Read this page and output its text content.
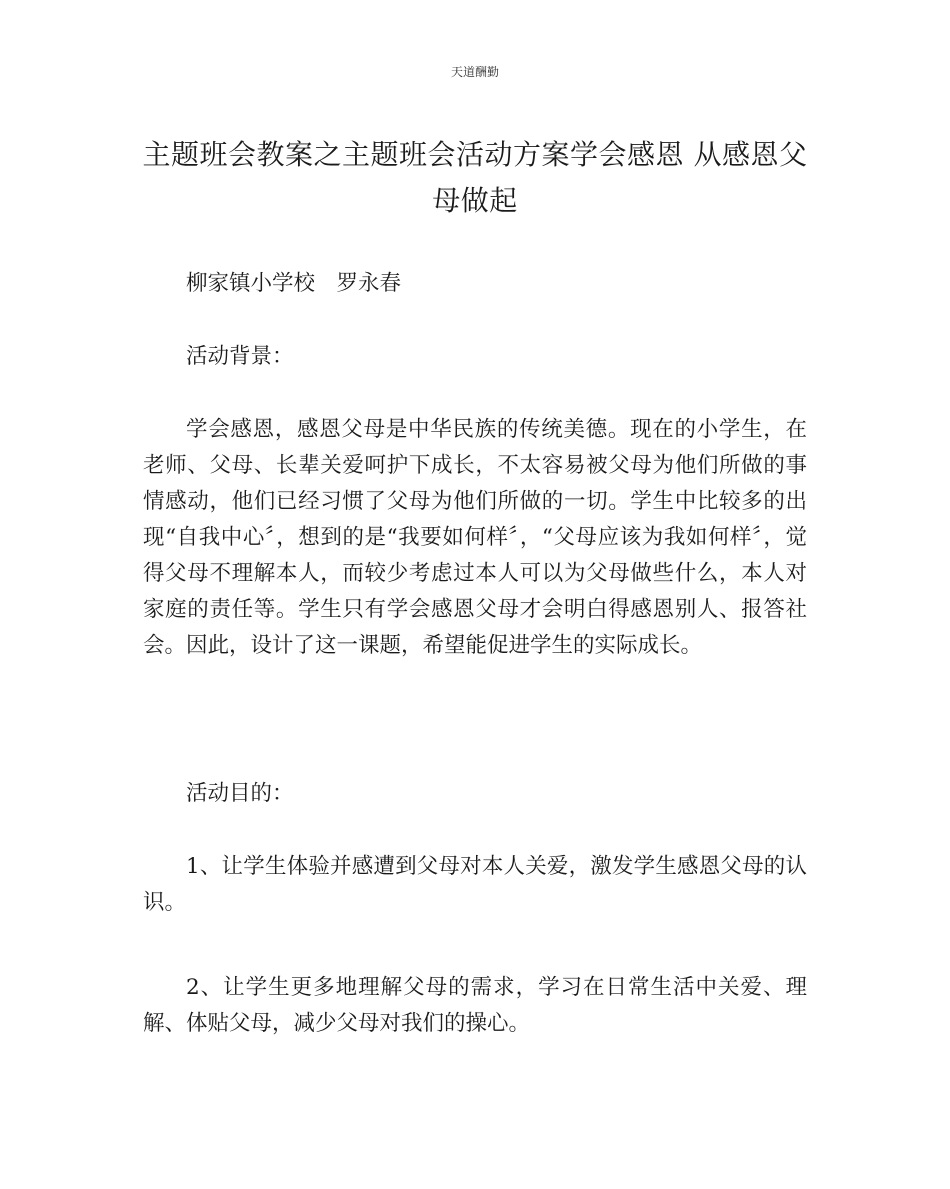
天道酬勤
主题班会教案之主题班会活动方案学会感恩 从感恩父母做起
柳家镇小学校　罗永春
活动背景：

学会感恩，感恩父母是中华民族的传统美德。现在的小学生，在老师、父母、长辈关爱呵护下成长，不太容易被父母为他们所做的事情感动，他们已经习惯了父母为他们所做的一切。学生中比较多的出现“自我中心〞，想到的是“我要如何样〞，“父母应该为我如何样〞，觉得父母不理解本人，而较少考虑过本人可以为父母做些什么，本人对家庭的责任等。学生只有学会感恩父母才会明白得感恩别人、报答社会。因此，设计了这一课题，希望能促进学生的实际成长。

活动目的：

1、让学生体验并感遭到父母对本人关爱，激发学生感恩父母的认识。

2、让学生更多地理解父母的需求，学习在日常生活中关爱、理解、体贴父母，减少父母对我们的操心。
